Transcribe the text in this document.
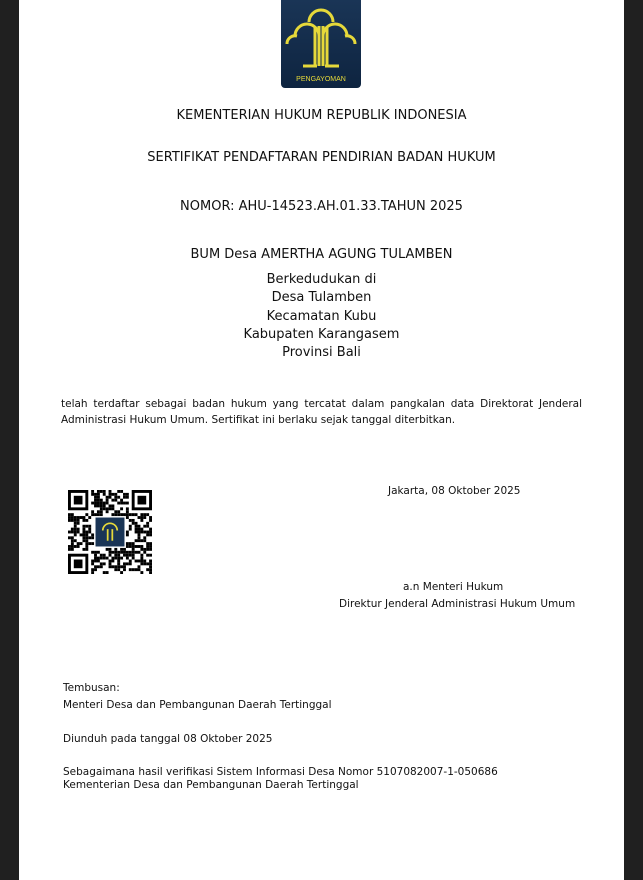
PENGAYOMAN
KEMENTERIAN HUKUM REPUBLIK INDONESIA
SERTIFIKAT PENDAFTARAN PENDIRIAN BADAN HUKUM
NOMOR: AHU-14523.AH.01.33.TAHUN 2025
BUM Desa AMERTHA AGUNG TULAMBEN
Berkedudukan di
Desa Tulamben
Kecamatan Kubu
Kabupaten Karangasem
Provinsi Bali
telah terdaftar sebagai badan hukum yang tercatat dalam pangkalan data Direktorat Jenderal Administrasi Hukum Umum. Sertifikat ini berlaku sejak tanggal diterbitkan.
Jakarta, 08 Oktober 2025
a.n Menteri Hukum
Direktur Jenderal Administrasi Hukum Umum
Tembusan:
Menteri Desa dan Pembangunan Daerah Tertinggal
Diunduh pada tanggal 08 Oktober 2025
Sebagaimana hasil verifikasi Sistem Informasi Desa Nomor 5107082007-1-050686
Kementerian Desa dan Pembangunan Daerah Tertinggal
